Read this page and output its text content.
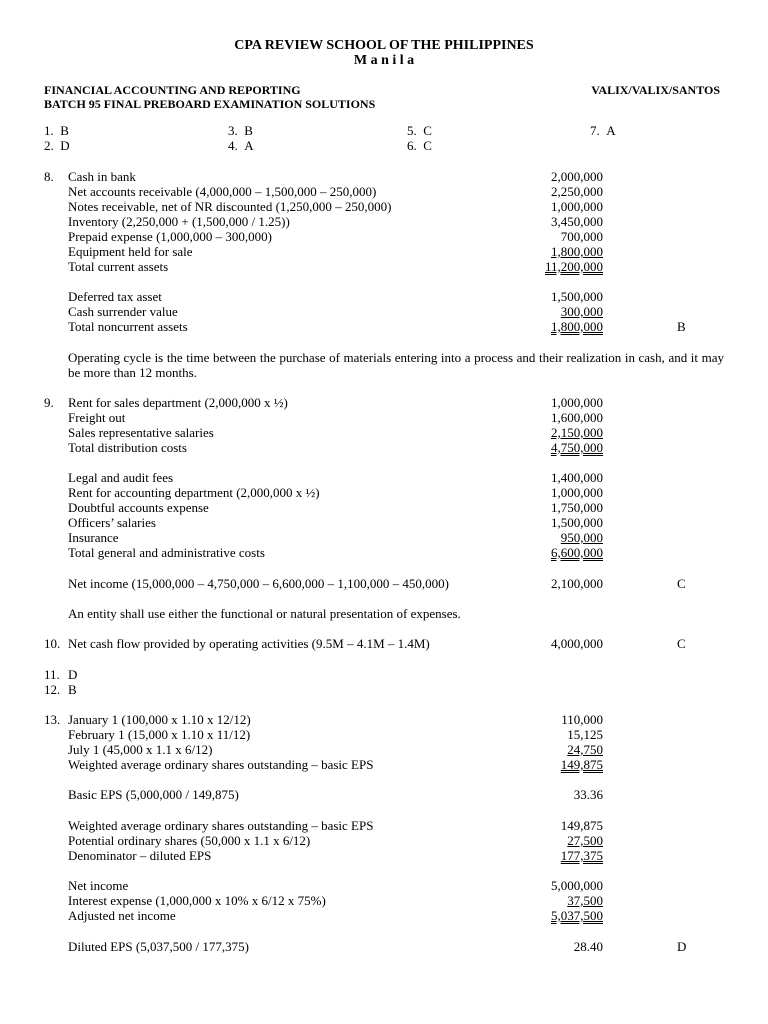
CPA REVIEW SCHOOL OF THE PHILIPPINES
M a n i l a
FINANCIAL ACCOUNTING AND REPORTING	VALIX/VALIX/SANTOS
BATCH 95 FINAL PREBOARD EXAMINATION SOLUTIONS
1. B
2. D
3. B
4. A
5. C
6. C
7. A
8. Cash in bank	2,000,000
Net accounts receivable (4,000,000 – 1,500,000 – 250,000)	2,250,000
Notes receivable, net of NR discounted (1,250,000 – 250,000)	1,000,000
Inventory (2,250,000 + (1,500,000 / 1.25))	3,450,000
Prepaid expense (1,000,000 – 300,000)	700,000
Equipment held for sale	1,800,000
Total current assets	11,200,000
Deferred tax asset	1,500,000
Cash surrender value	300,000
Total noncurrent assets	1,800,000	B
Operating cycle is the time between the purchase of materials entering into a process and their realization in cash, and it may be more than 12 months.
9. Rent for sales department (2,000,000 x ½)	1,000,000
Freight out	1,600,000
Sales representative salaries	2,150,000
Total distribution costs	4,750,000
Legal and audit fees	1,400,000
Rent for accounting department (2,000,000 x ½)	1,000,000
Doubtful accounts expense	1,750,000
Officers’ salaries	1,500,000
Insurance	950,000
Total general and administrative costs	6,600,000
Net income (15,000,000 – 4,750,000 – 6,600,000 – 1,100,000 – 450,000)	2,100,000	C
An entity shall use either the functional or natural presentation of expenses.
10. Net cash flow provided by operating activities (9.5M – 4.1M – 1.4M)	4,000,000	C
11. D
12. B
13. January 1 (100,000 x 1.10 x 12/12)	110,000
February 1 (15,000 x 1.10 x 11/12)	15,125
July 1 (45,000 x 1.1 x 6/12)	24,750
Weighted average ordinary shares outstanding – basic EPS	149,875
Basic EPS (5,000,000 / 149,875)	33.36
Weighted average ordinary shares outstanding – basic EPS	149,875
Potential ordinary shares (50,000 x 1.1 x 6/12)	27,500
Denominator – diluted EPS	177,375
Net income	5,000,000
Interest expense (1,000,000 x 10% x 6/12 x 75%)	37,500
Adjusted net income	5,037,500
Diluted EPS (5,037,500 / 177,375)	28.40	D
